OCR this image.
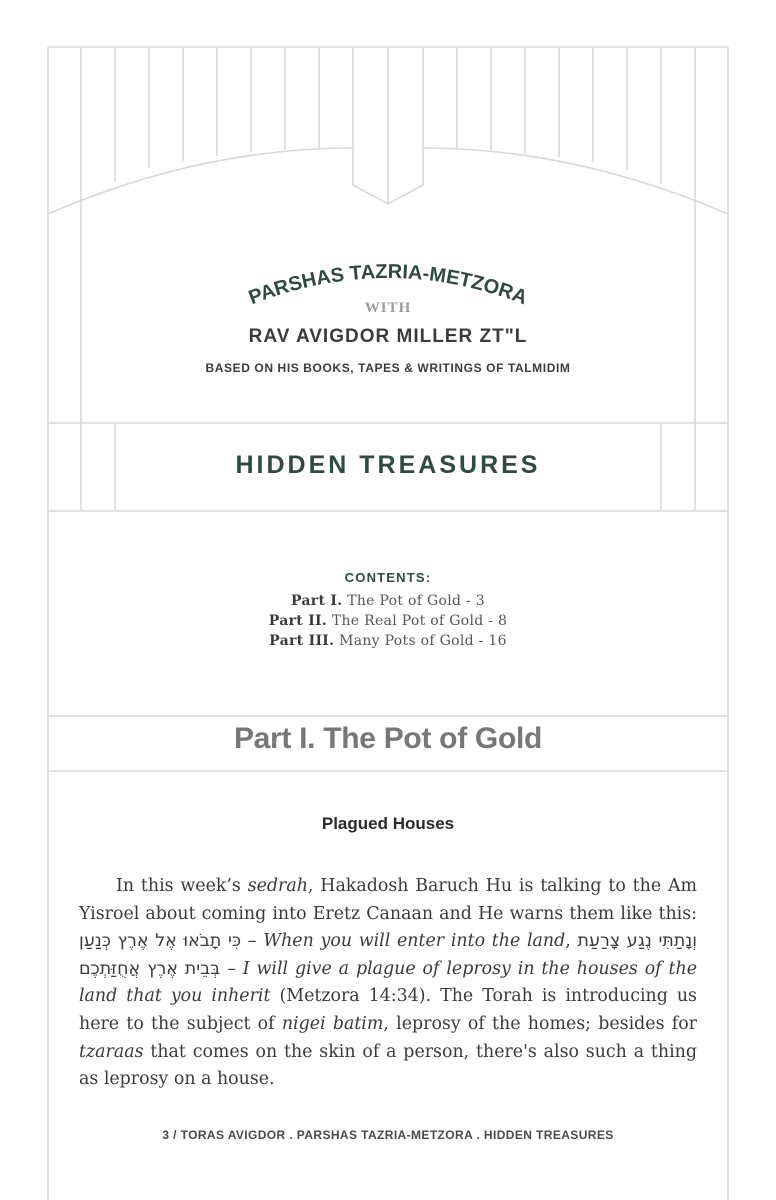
PARSHAS TAZRIA-METZORA
WITH
RAV AVIGDOR MILLER ZT"L
BASED ON HIS BOOKS, TAPES & WRITINGS OF TALMIDIM
HIDDEN TREASURES
CONTENTS:
Part I. The Pot of Gold - 3
Part II. The Real Pot of Gold - 8
Part III. Many Pots of Gold - 16
Part I. The Pot of Gold
Plagued Houses

In this week’s sedrah, Hakadosh Baruch Hu is talking to the Am Yisroel about coming into Eretz Canaan and He warns them like this: כִּי תָבֹאוּ אֶל אֶרֶץ כְּנַעַן – When you will enter into the land, וְנָתַתִּי נֶגַע צָרַעַת בְּבֵית אֶרֶץ אֲחֻזַּתְכֶם – I will give a plague of leprosy in the houses of the land that you inherit (Metzora 14:34). The Torah is introducing us here to the subject of nigei batim, leprosy of the homes; besides for tzaraas that comes on the skin of a person, there's also such a thing as leprosy on a house.

3 / TORAS AVIGDOR . PARSHAS TAZRIA-METZORA . HIDDEN TREASURES
